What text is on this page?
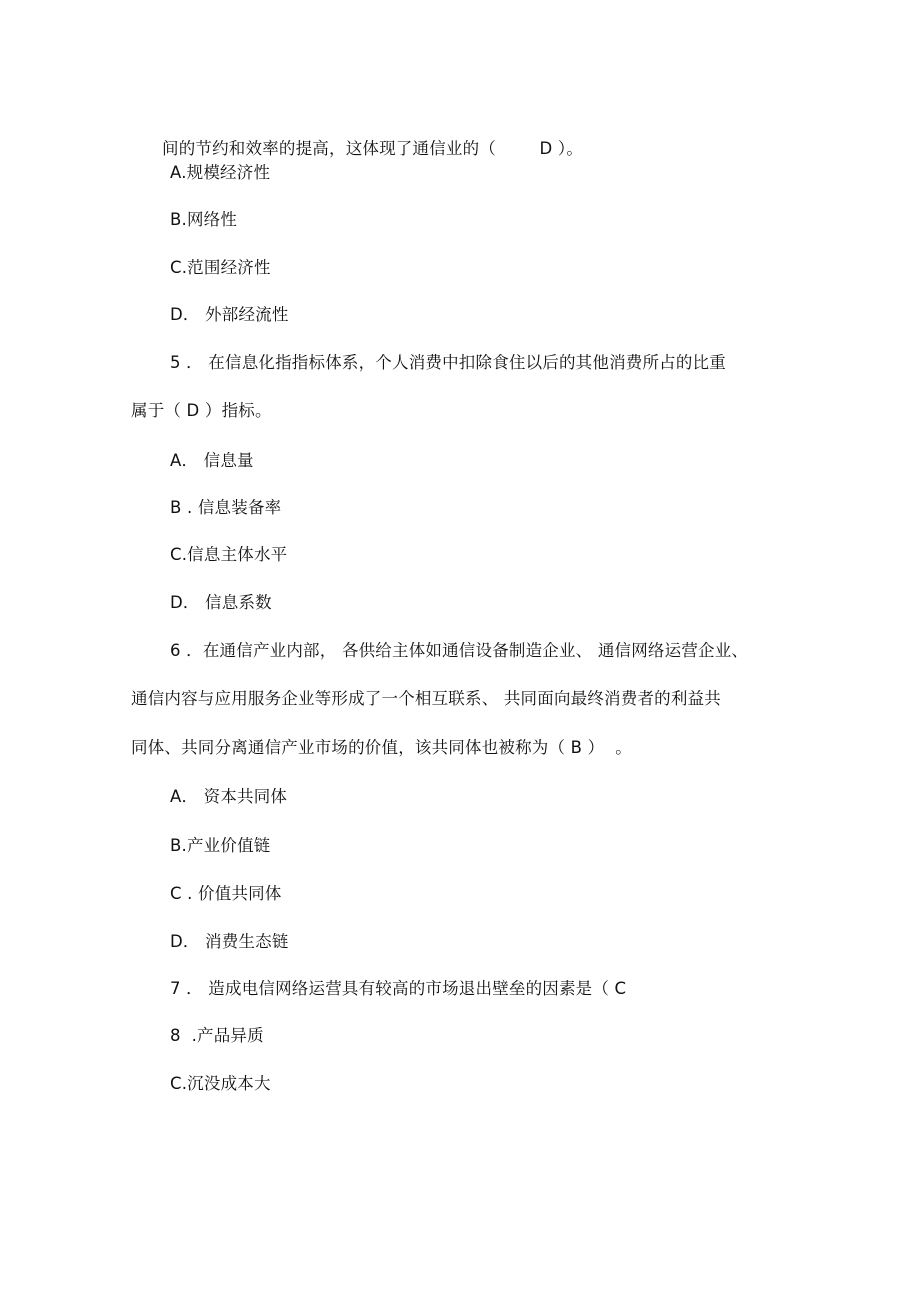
间的节约和效率的提高，这体现了通信业的（        D ）。
A.规模经济性
B.网络性
C.范围经济性
D． 外部经流性
5 ． 在信息化指指标体系，个人消费中扣除食住以后的其他消费所占的比重
属于（ D ）指标。
A． 信息量
B . 信息装备率
C.信息主体水平
D． 信息系数
6 ．在通信产业内部， 各供给主体如通信设备制造企业、 通信网络运营企业、
通信内容与应用服务企业等形成了一个相互联系、 共同面向最终消费者的利益共
同体、共同分离通信产业市场的价值，该共同体也被称为（ B ）  。
A． 资本共同体
B.产业价值链
C . 价值共同体
D． 消费生态链
7 ． 造成电信网络运营具有较高的市场退出壁垒的因素是（ C
8  .产品异质
C.沉没成本大
